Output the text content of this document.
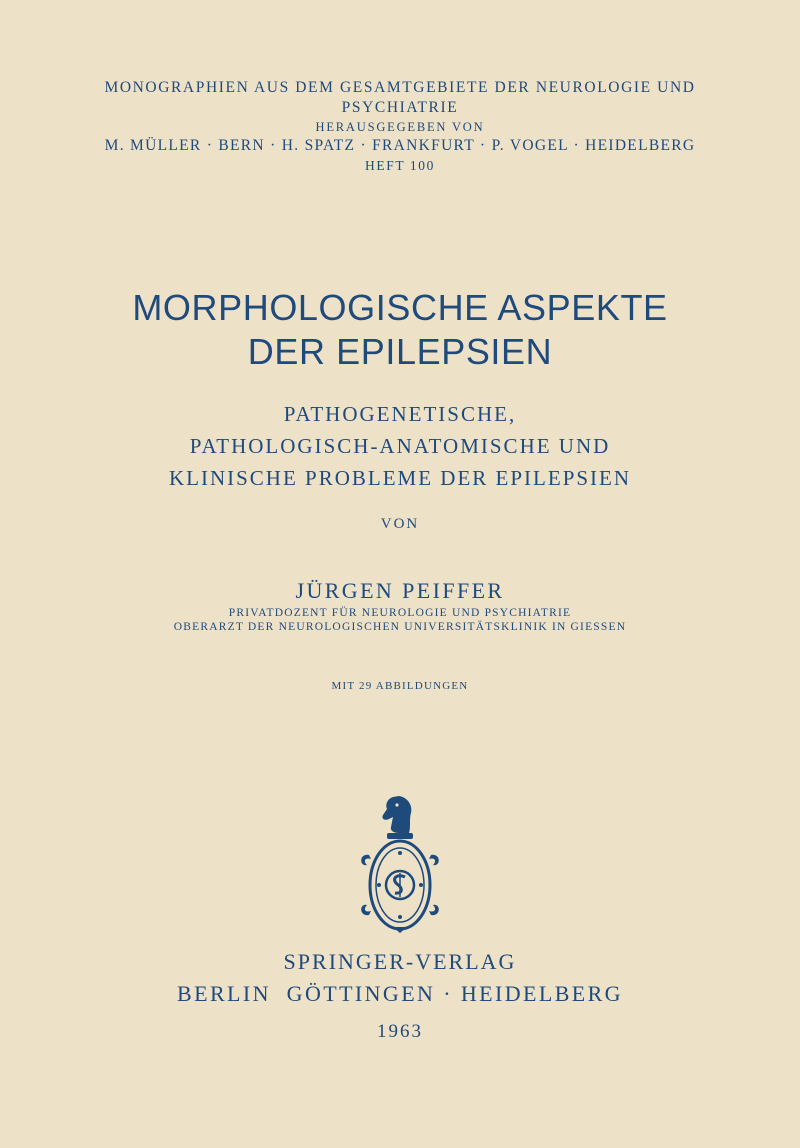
MONOGRAPHIEN AUS DEM GESAMTGEBIETE DER NEUROLOGIE UND
PSYCHIATRIE
HERAUSGEGEBEN VON
M. MÜLLER · BERN · H. SPATZ · FRANKFURT · P. VOGEL · HEIDELBERG
HEFT 100
MORPHOLOGISCHE ASPEKTE
DER EPILEPSIEN
PATHOGENETISCHE,
PATHOLOGISCH-ANATOMISCHE UND
KLINISCHE PROBLEME DER EPILEPSIEN
VON
JÜRGEN PEIFFER
PRIVATDOZENT FÜR NEUROLOGIE UND PSYCHIATRIE
OBERARZT DER NEUROLOGISCHEN UNIVERSITÄTSKLINIK IN GIESSEN
MIT 29 ABBILDUNGEN
SPRINGER-VERLAG
BERLIN  GÖTTINGEN · HEIDELBERG
1963
